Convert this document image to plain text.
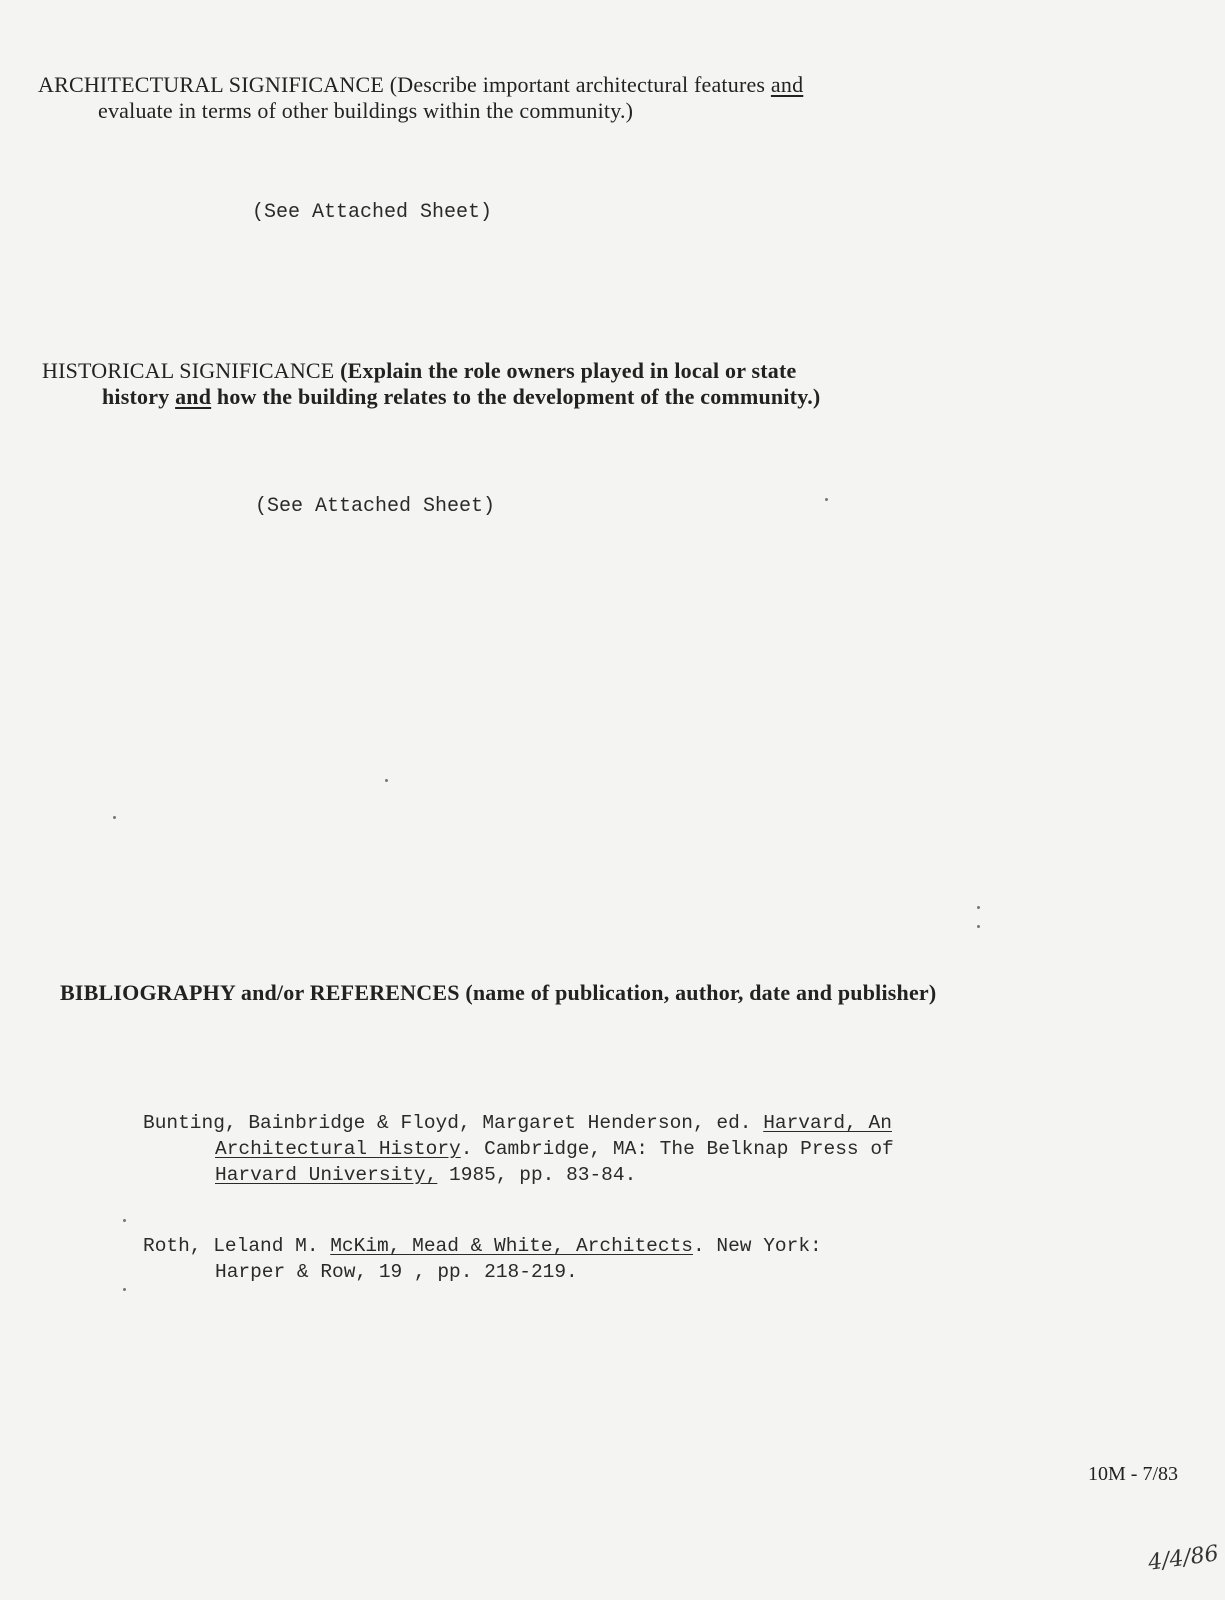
ARCHITECTURAL SIGNIFICANCE (Describe important architectural features and
evaluate in terms of other buildings within the community.)
(See Attached Sheet)
HISTORICAL SIGNIFICANCE (Explain the role owners played in local or state
history and how the building relates to the development of the community.)
(See Attached Sheet)
BIBLIOGRAPHY and/or REFERENCES (name of publication, author, date and publisher)
Bunting, Bainbridge & Floyd, Margaret Henderson, ed. Harvard, An
Architectural History. Cambridge, MA: The Belknap Press of
Harvard University, 1985, pp. 83-84.
Roth, Leland M. McKim, Mead & White, Architects. New York:
Harper & Row, 19 , pp. 218-219.
10M - 7/83
4/4/86
